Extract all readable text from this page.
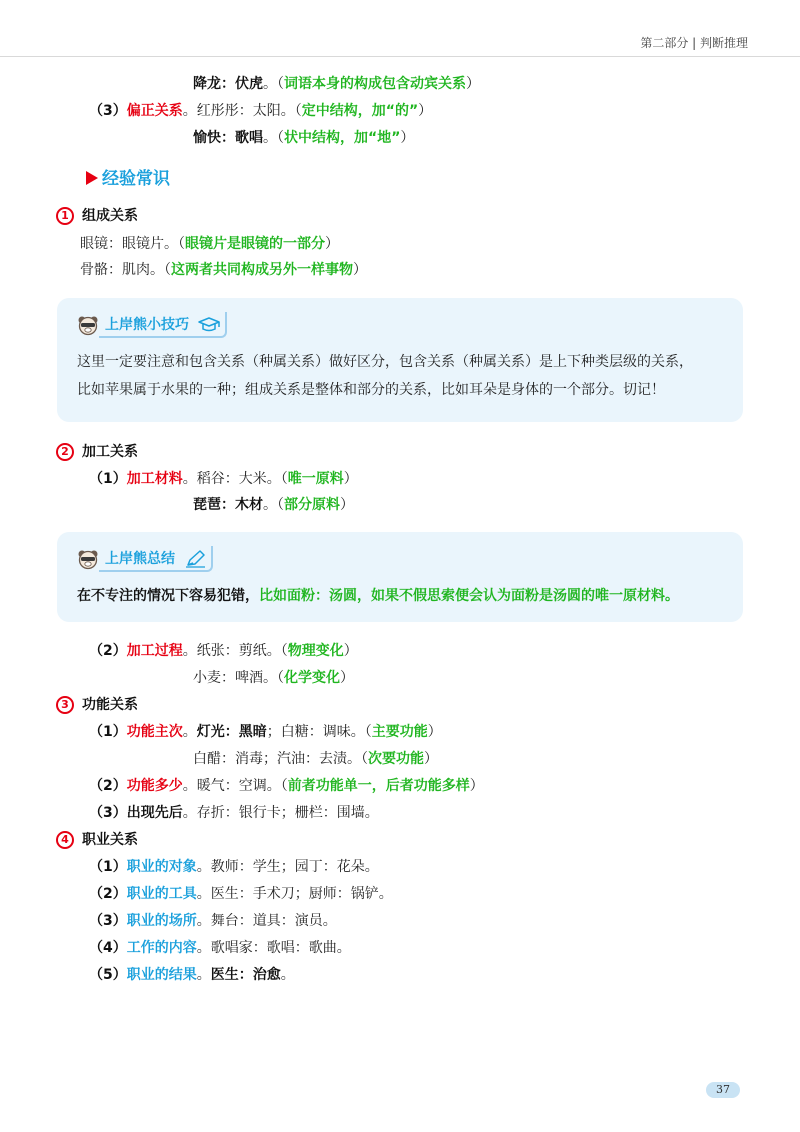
第二部分 | 判断推理
降龙：伏虎。（词语本身的构成包含动宾关系）
（3）偏正关系。红彤彤：太阳。（定中结构，加“的”）
愉快：歌唱。（状中结构，加“地”）
经验常识
1 组成关系
眼镜：眼镜片。（眼镜片是眼镜的一部分）
骨骼：肌肉。（这两者共同构成另外一样事物）
上岸熊小技巧
这里一定要注意和包含关系（种属关系）做好区分，包含关系（种属关系）是上下种类层级的关系，
比如苹果属于水果的一种；组成关系是整体和部分的关系，比如耳朵是身体的一个部分。切记！
2 加工关系
（1）加工材料。稻谷：大米。（唯一原料）
琵琶：木材。（部分原料）
上岸熊总结
在不专注的情况下容易犯错，比如面粉：汤圆，如果不假思索便会认为面粉是汤圆的唯一原材料。
（2）加工过程。纸张：剪纸。（物理变化）
小麦：啤酒。（化学变化）
3 功能关系
（1）功能主次。灯光：黑暗；白糖：调味。（主要功能）
白醋：消毒；汽油：去渍。（次要功能）
（2）功能多少。暖气：空调。（前者功能单一，后者功能多样）
（3）出现先后。存折：银行卡；栅栏：围墙。
4 职业关系
（1）职业的对象。教师：学生；园丁：花朵。
（2）职业的工具。医生：手术刀；厨师：锅铲。
（3）职业的场所。舞台：道具：演员。
（4）工作的内容。歌唱家：歌唱：歌曲。
（5）职业的结果。医生：治愈。
37
